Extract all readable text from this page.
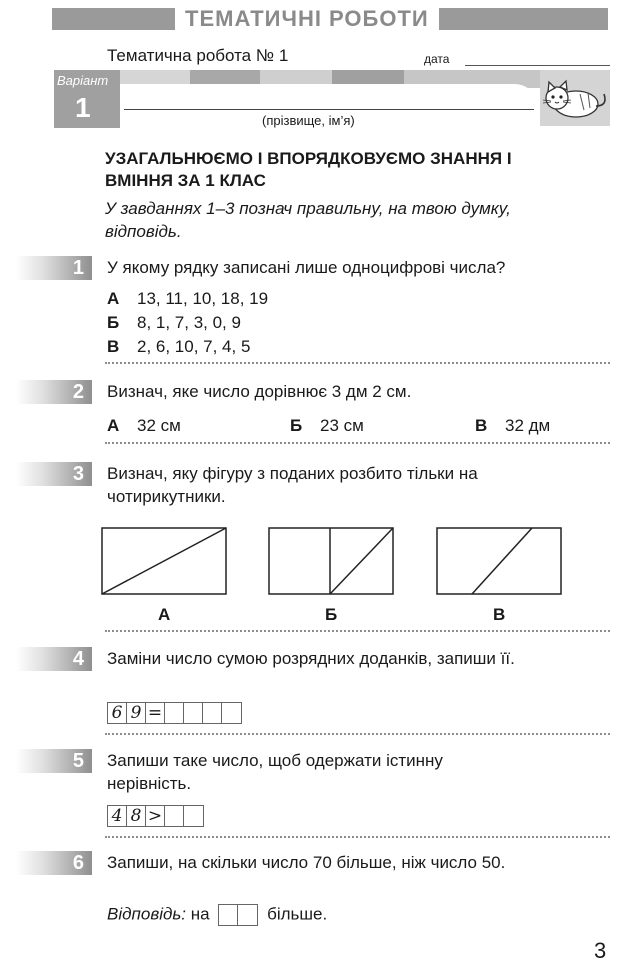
ТЕМАТИЧНІ РОБОТИ
Тематична робота № 1	дата
Варіант
1	(прізвище, ім’я)
УЗАГАЛЬНЮЄМО І ВПОРЯДКОВУЄМО ЗНАННЯ І ВМІННЯ ЗА 1 КЛАС
У завданнях 1–3 познач правильну, на твою думку, відповідь.
1 У якому рядку записані лише одноцифрові числа?
А 13, 11, 10, 18, 19
Б 8, 1, 7, 3, 0, 9
В 2, 6, 10, 7, 4, 5
2 Визнач, яке число дорівнює 3 дм 2 см.
А 32 см	Б 23 см	В 32 дм
3 Визнач, яку фігуру з поданих розбито тільки на чотирикутники.
А	Б	В
4 Заміни число сумою розрядних доданків, запиши її.
6 9 =
5 Запиши таке число, щоб одержати істинну нерівність.
4 8 >
6 Запиши, на скільки число 70 більше, ніж число 50.
Відповідь: на	більше.
3
